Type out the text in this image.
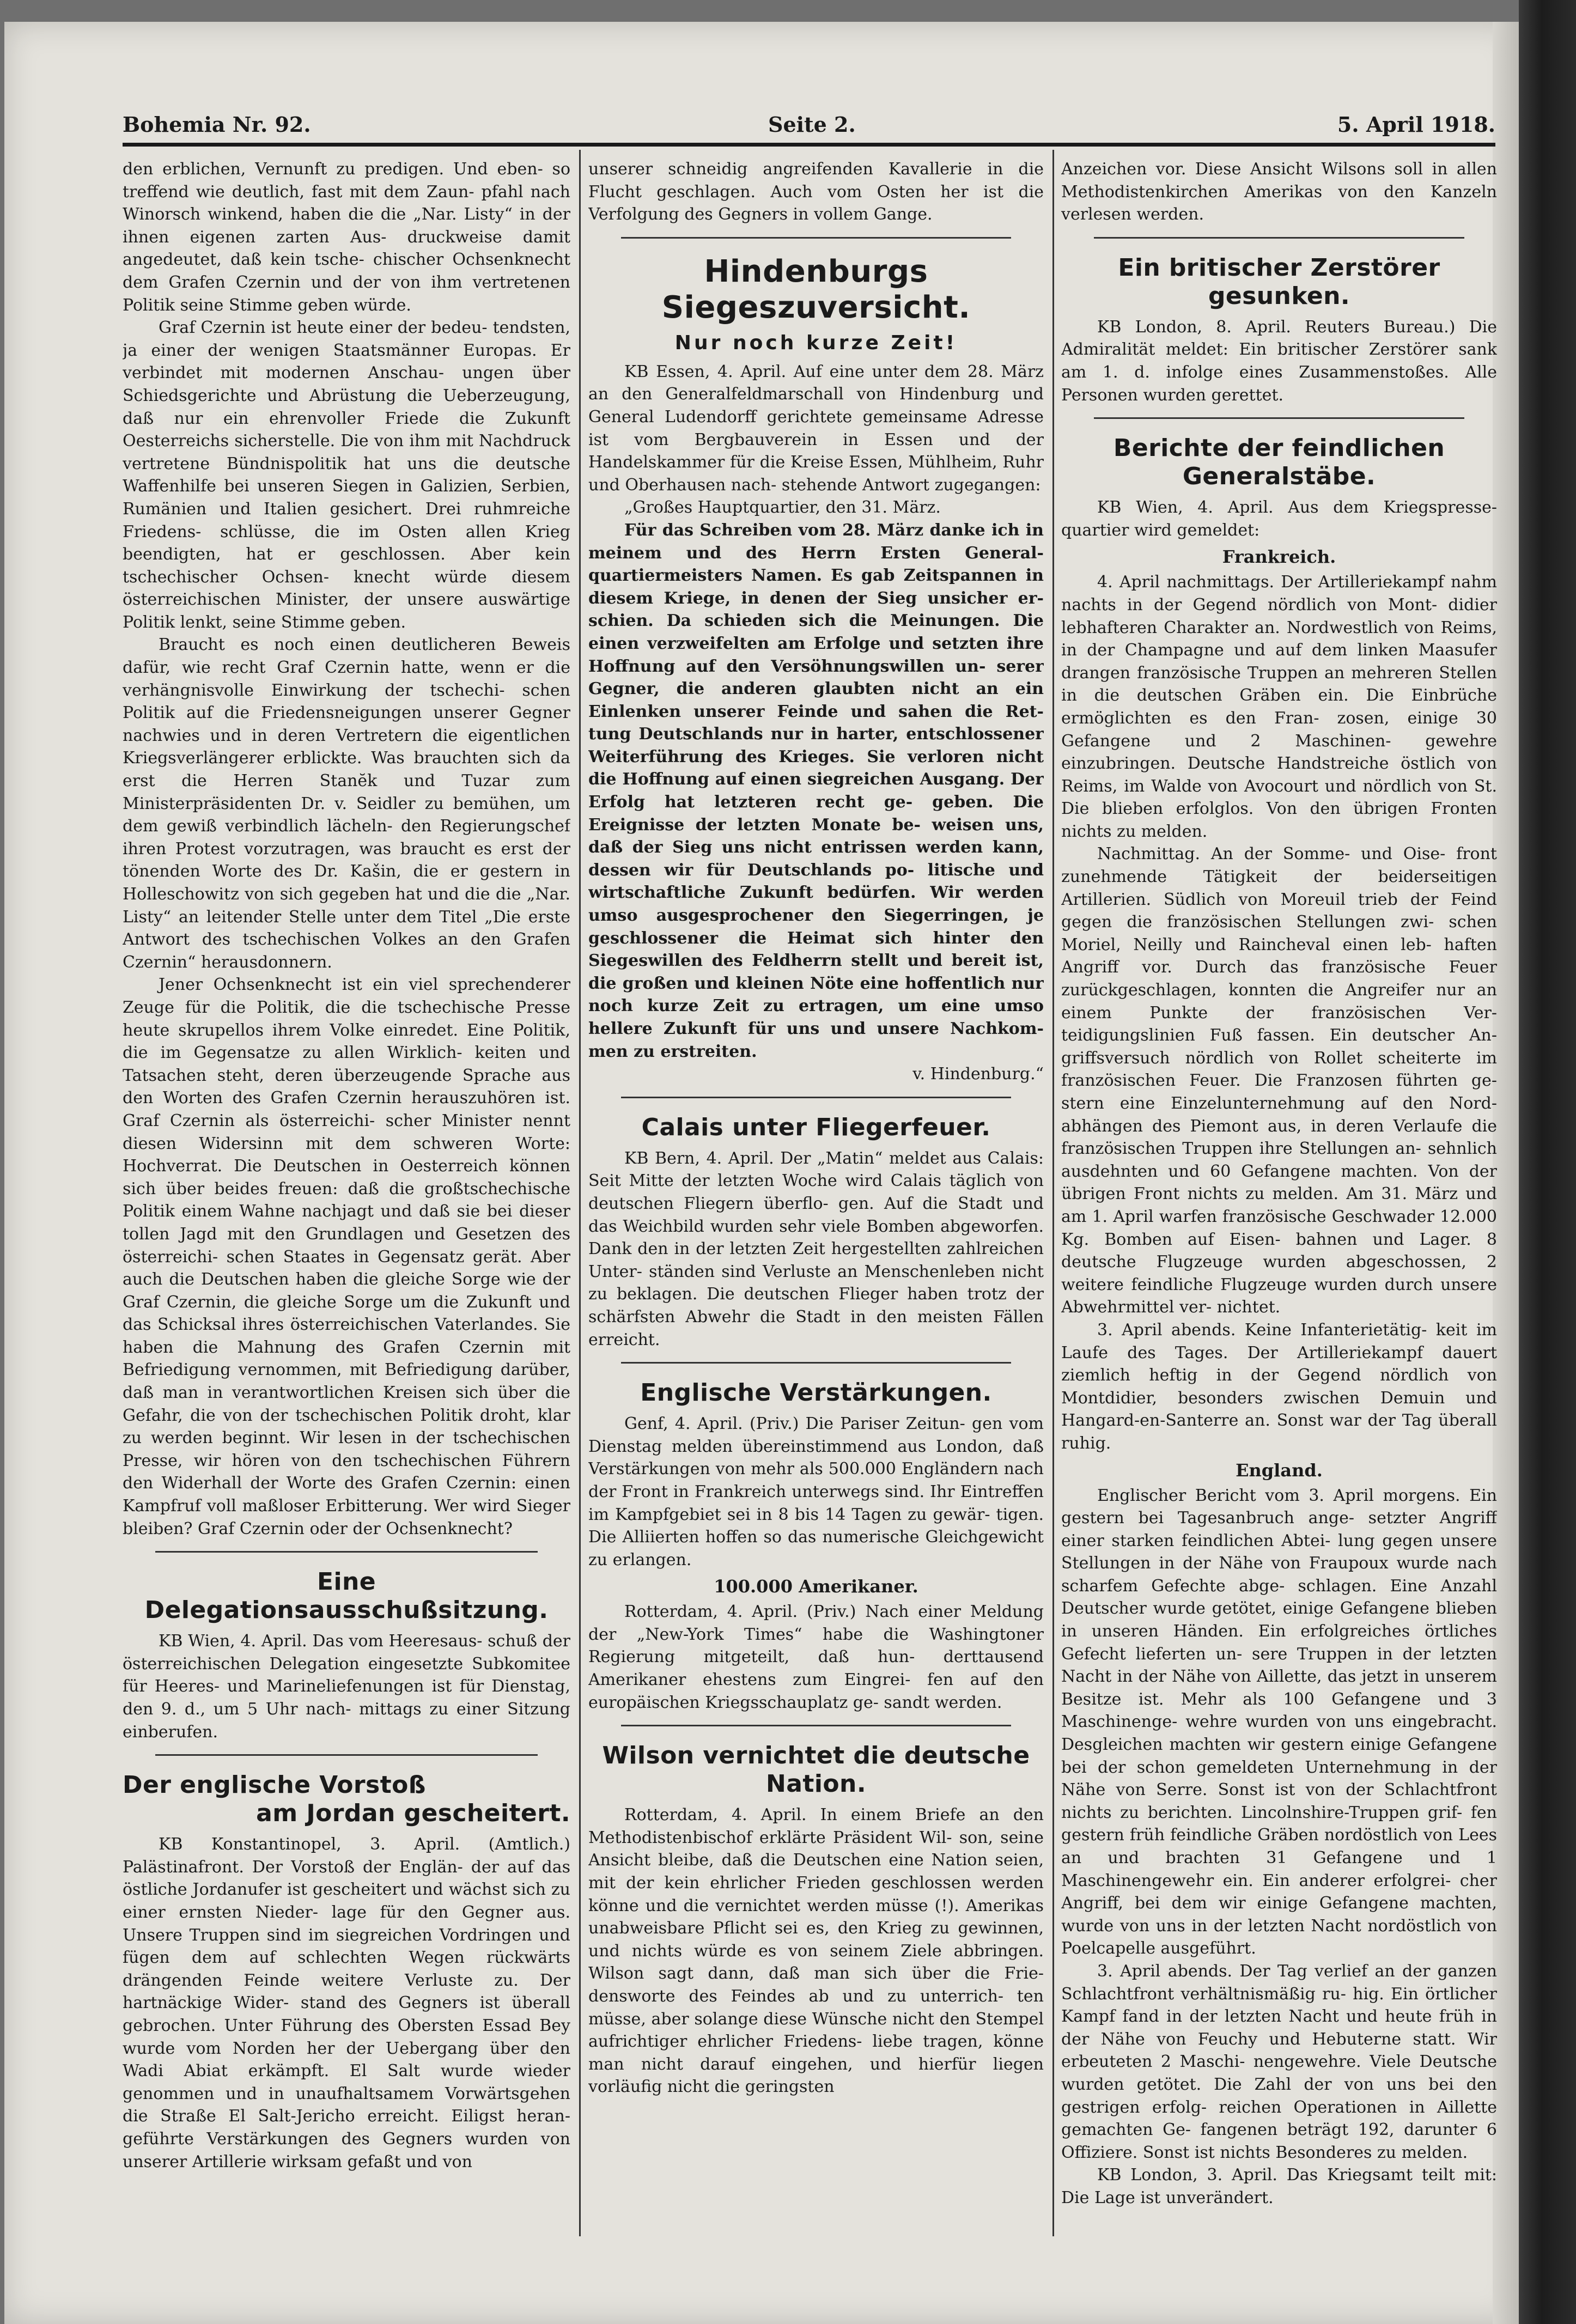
Bohemia Nr. 92.	Seite 2.	5. April 1918.

den erblichen, Vernunft zu predigen. Und eben- so treffend wie deutlich, fast mit dem Zaun- pfahl nach Winorsch winkend, haben die die „Nar. Listy“ in der ihnen eigenen zarten Aus- druckweise damit angedeutet, daß kein tsche- chischer Ochsenknecht dem Grafen Czernin und der von ihm vertretenen Politik seine Stimme geben würde.

Graf Czernin ist heute einer der bedeu- tendsten, ja einer der wenigen Staatsmänner Europas. Er verbindet mit modernen Anschau- ungen über Schiedsgerichte und Abrüstung die Ueberzeugung, daß nur ein ehrenvoller Friede die Zukunft Oesterreichs sicherstelle. Die von ihm mit Nachdruck vertretene Bündnispolitik hat uns die deutsche Waffenhilfe bei unseren Siegen in Galizien, Serbien, Rumänien und Italien gesichert. Drei ruhmreiche Friedens- schlüsse, die im Osten allen Krieg beendigten, hat er geschlossen. Aber kein tschechischer Ochsen- knecht würde diesem österreichischen Minister, der unsere auswärtige Politik lenkt, seine Stimme geben.

Braucht es noch einen deutlicheren Beweis dafür, wie recht Graf Czernin hatte, wenn er die verhängnisvolle Einwirkung der tschechi- schen Politik auf die Friedensneigungen unserer Gegner nachwies und in deren Vertretern die eigentlichen Kriegsverlängerer erblickte. Was brauchten sich da erst die Herren Stanĕk und Tuzar zum Ministerpräsidenten Dr. v. Seidler zu bemühen, um dem gewiß verbindlich lächeln- den Regierungschef ihren Protest vorzutragen, was braucht es erst der tönenden Worte des Dr. Kašin, die er gestern in Holleschowitz von sich gegeben hat und die die „Nar. Listy“ an leitender Stelle unter dem Titel „Die erste Antwort des tschechischen Volkes an den Grafen Czernin“ herausdonnern.

Jener Ochsenknecht ist ein viel sprechenderer Zeuge für die Politik, die die tschechische Presse heute skrupellos ihrem Volke einredet. Eine Politik, die im Gegensatze zu allen Wirklich- keiten und Tatsachen steht, deren überzeugende Sprache aus den Worten des Grafen Czernin herauszuhören ist. Graf Czernin als österreichi- scher Minister nennt diesen Widersinn mit dem schweren Worte: Hochverrat. Die Deutschen in Oesterreich können sich über beides freuen: daß die großtschechische Politik einem Wahne nachjagt und daß sie bei dieser tollen Jagd mit den Grundlagen und Gesetzen des österreichi- schen Staates in Gegensatz gerät. Aber auch die Deutschen haben die gleiche Sorge wie der Graf Czernin, die gleiche Sorge um die Zukunft und das Schicksal ihres österreichischen Vaterlandes. Sie haben die Mahnung des Grafen Czernin mit Befriedigung vernommen, mit Befriedigung darüber, daß man in verantwortlichen Kreisen sich über die Gefahr, die von der tschechischen Politik droht, klar zu werden beginnt. Wir lesen in der tschechischen Presse, wir hören von den tschechischen Führern den Widerhall der Worte des Grafen Czernin: einen Kampfruf voll maßloser Erbitterung. Wer wird Sieger bleiben? Graf Czernin oder der Ochsenknecht?

Eine Delegationsausschußsitzung.

KB Wien, 4. April. Das vom Heeresaus- schuß der österreichischen Delegation eingesetzte Subkomitee für Heeres- und Marineliefenungen ist für Dienstag, den 9. d., um 5 Uhr nach- mittags zu einer Sitzung einberufen.

Der englische Vorstoß
am Jordan gescheitert.

KB Konstantinopel, 3. April. (Amtlich.) Palästinafront. Der Vorstoß der Englän- der auf das östliche Jordanufer ist gescheitert und wächst sich zu einer ernsten Nieder- lage für den Gegner aus. Unsere Truppen sind im siegreichen Vordringen und fügen dem auf schlechten Wegen rückwärts drängenden Feinde weitere Verluste zu. Der hartnäckige Wider- stand des Gegners ist überall gebrochen. Unter Führung des Obersten Essad Bey wurde vom Norden her der Uebergang über den Wadi Abiat erkämpft. El Salt wurde wieder genommen und in unaufhaltsamem Vorwärtsgehen die Straße El Salt-Jericho erreicht. Eiligst heran- geführte Verstärkungen des Gegners wurden von unserer Artillerie wirksam gefaßt und von

unserer schneidig angreifenden Kavallerie in die Flucht geschlagen. Auch vom Osten her ist die Verfolgung des Gegners in vollem Gange.

Hindenburgs Siegeszuversicht.
Nur noch kurze Zeit!

KB Essen, 4. April. Auf eine unter dem 28. März an den Generalfeldmarschall von Hindenburg und General Ludendorff gerichtete gemeinsame Adresse ist vom Bergbauverein in Essen und der Handelskammer für die Kreise Essen, Mühlheim, Ruhr und Oberhausen nach- stehende Antwort zugegangen:

„Großes Hauptquartier, den 31. März.

Für das Schreiben vom 28. März danke ich in meinem und des Herrn Ersten General- quartiermeisters Namen. Es gab Zeitspannen in diesem Kriege, in denen der Sieg unsicher er- schien. Da schieden sich die Meinungen. Die einen verzweifelten am Erfolge und setzten ihre Hoffnung auf den Versöhnungswillen un- serer Gegner, die anderen glaubten nicht an ein Einlenken unserer Feinde und sahen die Ret- tung Deutschlands nur in harter, entschlossener Weiterführung des Krieges. Sie verloren nicht die Hoffnung auf einen siegreichen Ausgang. Der Erfolg hat letzteren recht ge- geben. Die Ereignisse der letzten Monate be- weisen uns, daß der Sieg uns nicht entrissen werden kann, dessen wir für Deutschlands po- litische und wirtschaftliche Zukunft bedürfen. Wir werden umso ausgesprochener den Siegerringen, je geschlossener die Heimat sich hinter den Siegeswillen des Feldherrn stellt und bereit ist, die großen und kleinen Nöte eine hoffentlich nur noch kurze Zeit zu ertragen, um eine umso hellere Zukunft für uns und unsere Nachkom- men zu erstreiten.

v. Hindenburg.“

Calais unter Fliegerfeuer.

KB Bern, 4. April. Der „Matin“ meldet aus Calais: Seit Mitte der letzten Woche wird Calais täglich von deutschen Fliegern überflo- gen. Auf die Stadt und das Weichbild wurden sehr viele Bomben abgeworfen. Dank den in der letzten Zeit hergestellten zahlreichen Unter- ständen sind Verluste an Menschenleben nicht zu beklagen. Die deutschen Flieger haben trotz der schärfsten Abwehr die Stadt in den meisten Fällen erreicht.

Englische Verstärkungen.

Genf, 4. April. (Priv.) Die Pariser Zeitun- gen vom Dienstag melden übereinstimmend aus London, daß Verstärkungen von mehr als 500.000 Engländern nach der Front in Frankreich unterwegs sind. Ihr Eintreffen im Kampfgebiet sei in 8 bis 14 Tagen zu gewär- tigen. Die Alliierten hoffen so das numerische Gleichgewicht zu erlangen.

100.000 Amerikaner.

Rotterdam, 4. April. (Priv.) Nach einer Meldung der „New-York Times“ habe die Washingtoner Regierung mitgeteilt, daß hun- derttausend Amerikaner ehestens zum Eingrei- fen auf den europäischen Kriegsschauplatz ge- sandt werden.

Wilson vernichtet die deutsche Nation.

Rotterdam, 4. April. In einem Briefe an den Methodistenbischof erklärte Präsident Wil- son, seine Ansicht bleibe, daß die Deutschen eine Nation seien, mit der kein ehrlicher Frieden geschlossen werden könne und die vernichtet werden müsse (!). Amerikas unabweisbare Pflicht sei es, den Krieg zu gewinnen, und nichts würde es von seinem Ziele abbringen. Wilson sagt dann, daß man sich über die Frie- densworte des Feindes ab und zu unterrich- ten müsse, aber solange diese Wünsche nicht den Stempel aufrichtiger ehrlicher Friedens- liebe tragen, könne man nicht darauf eingehen, und hierfür liegen vorläufig nicht die geringsten

Anzeichen vor. Diese Ansicht Wilsons soll in allen Methodistenkirchen Amerikas von den Kanzeln verlesen werden.

Ein britischer Zerstörer gesunken.

KB London, 8. April. Reuters Bureau.) Die Admiralität meldet: Ein britischer Zerstörer sank am 1. d. infolge eines Zusammenstoßes. Alle Personen wurden gerettet.

Berichte der feindlichen Generalstäbe.

KB Wien, 4. April. Aus dem Kriegspresse- quartier wird gemeldet:

Frankreich.

4. April nachmittags. Der Artilleriekampf nahm nachts in der Gegend nördlich von Mont- didier lebhafteren Charakter an. Nordwestlich von Reims, in der Champagne und auf dem linken Maasufer drangen französische Truppen an mehreren Stellen in die deutschen Gräben ein. Die Einbrüche ermöglichten es den Fran- zosen, einige 30 Gefangene und 2 Maschinen- gewehre einzubringen. Deutsche Handstreiche östlich von Reims, im Walde von Avocourt und nördlich von St. Die blieben erfolglos. Von den übrigen Fronten nichts zu melden.

Nachmittag. An der Somme- und Oise- front zunehmende Tätigkeit der beiderseitigen Artillerien. Südlich von Moreuil trieb der Feind gegen die französischen Stellungen zwi- schen Moriel, Neilly und Raincheval einen leb- haften Angriff vor. Durch das französische Feuer zurückgeschlagen, konnten die Angreifer nur an einem Punkte der französischen Ver- teidigungslinien Fuß fassen. Ein deutscher An- griffsversuch nördlich von Rollet scheiterte im französischen Feuer. Die Franzosen führten ge- stern eine Einzelunternehmung auf den Nord- abhängen des Piemont aus, in deren Verlaufe die französischen Truppen ihre Stellungen an- sehnlich ausdehnten und 60 Gefangene machten. Von der übrigen Front nichts zu melden. Am 31. März und am 1. April warfen französische Geschwader 12.000 Kg. Bomben auf Eisen- bahnen und Lager. 8 deutsche Flugzeuge wurden abgeschossen, 2 weitere feindliche Flugzeuge wurden durch unsere Abwehrmittel ver- nichtet.

3. April abends. Keine Infanterietätig- keit im Laufe des Tages. Der Artilleriekampf dauert ziemlich heftig in der Gegend nördlich von Montdidier, besonders zwischen Demuin und Hangard-en-Santerre an. Sonst war der Tag überall ruhig.

England.

Englischer Bericht vom 3. April morgens. Ein gestern bei Tagesanbruch ange- setzter Angriff einer starken feindlichen Abtei- lung gegen unsere Stellungen in der Nähe von Fraupoux wurde nach scharfem Gefechte abge- schlagen. Eine Anzahl Deutscher wurde getötet, einige Gefangene blieben in unseren Händen. Ein erfolgreiches örtliches Gefecht lieferten un- sere Truppen in der letzten Nacht in der Nähe von Aillette, das jetzt in unserem Besitze ist. Mehr als 100 Gefangene und 3 Maschinenge- wehre wurden von uns eingebracht. Desgleichen machten wir gestern einige Gefangene bei der schon gemeldeten Unternehmung in der Nähe von Serre. Sonst ist von der Schlachtfront nichts zu berichten. Lincolnshire-Truppen grif- fen gestern früh feindliche Gräben nordöstlich von Lees an und brachten 31 Gefangene und 1 Maschinengewehr ein. Ein anderer erfolgrei- cher Angriff, bei dem wir einige Gefangene machten, wurde von uns in der letzten Nacht nordöstlich von Poelcapelle ausgeführt.

3. April abends. Der Tag verlief an der ganzen Schlachtfront verhältnismäßig ru- hig. Ein örtlicher Kampf fand in der letzten Nacht und heute früh in der Nähe von Feuchy und Hebuterne statt. Wir erbeuteten 2 Maschi- nengewehre. Viele Deutsche wurden getötet. Die Zahl der von uns bei den gestrigen erfolg- reichen Operationen in Aillette gemachten Ge- fangenen beträgt 192, darunter 6 Offiziere. Sonst ist nichts Besonderes zu melden.

KB London, 3. April. Das Kriegsamt teilt mit: Die Lage ist unverändert.
